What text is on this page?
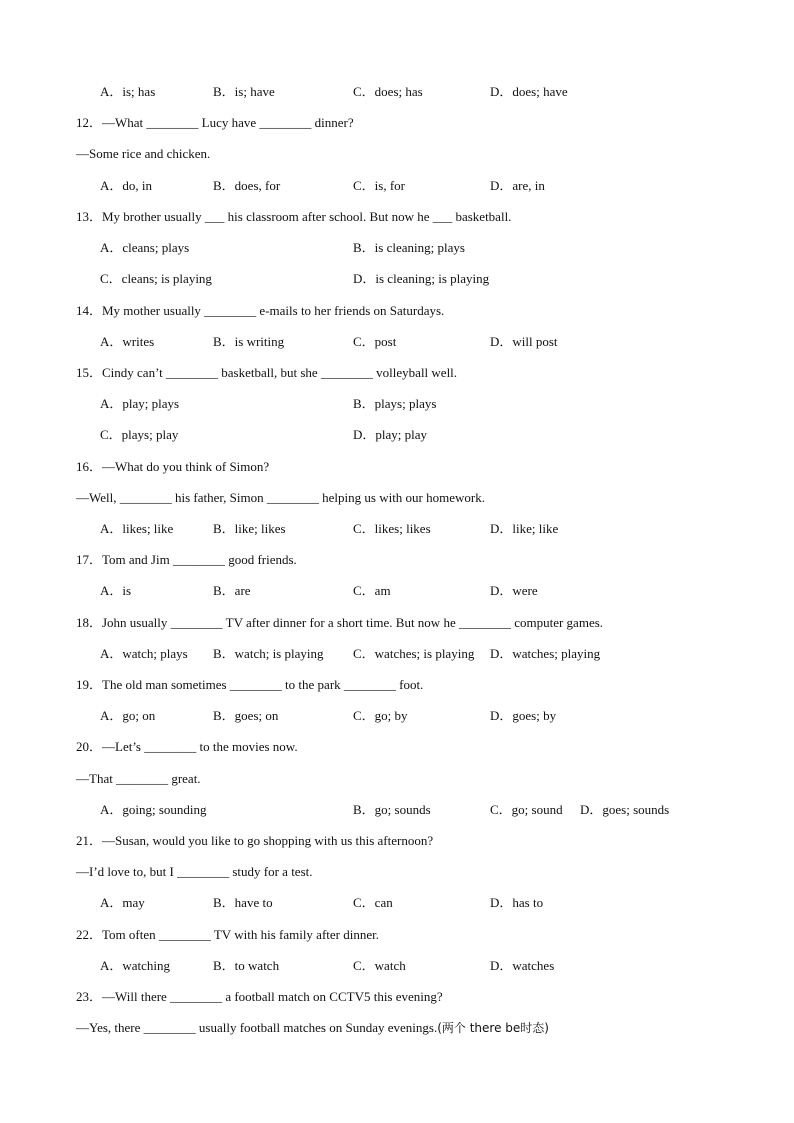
A．is; has	B．is; have	C．does; has	D．does; have
12．—What ________ Lucy have ________ dinner?
—Some rice and chicken.
A．do, in	B．does, for	C．is, for	D．are, in
13．My brother usually ___ his classroom after school. But now he ___ basketball.
A．cleans; plays	B．is cleaning; plays
C．cleans; is playing	D．is cleaning; is playing
14．My mother usually ________ e-mails to her friends on Saturdays.
A．writes	B．is writing	C．post	D．will post
15．Cindy can’t ________ basketball, but she ________ volleyball well.
A．play; plays	B．plays; plays
C．plays; play	D．play; play
16．—What do you think of Simon?
—Well, ________ his father, Simon ________ helping us with our homework.
A．likes; like	B．like; likes	C．likes; likes	D．like; like
17．Tom and Jim ________ good friends.
A．is	B．are	C．am	D．were
18．John usually ________ TV after dinner for a short time. But now he ________ computer games.
A．watch; plays B．watch; is playing C．watches; is playing D．watches; playing
19．The old man sometimes ________ to the park ________ foot.
A．go; on	B．goes; on	C．go; by	D．goes; by
20．—Let’s ________ to the movies now.
—That ________ great.
A．going; sounding	B．go; sounds	C．go; sound D．goes; sounds
21．—Susan, would you like to go shopping with us this afternoon?
—I’d love to, but I ________ study for a test.
A．may	B．have to	C．can	D．has to
22．Tom often ________ TV with his family after dinner.
A．watching	B．to watch	C．watch	D．watches
23．—Will there ________ a football match on CCTV5 this evening?
—Yes, there ________ usually football matches on Sunday evenings.(两个 there be时态)
